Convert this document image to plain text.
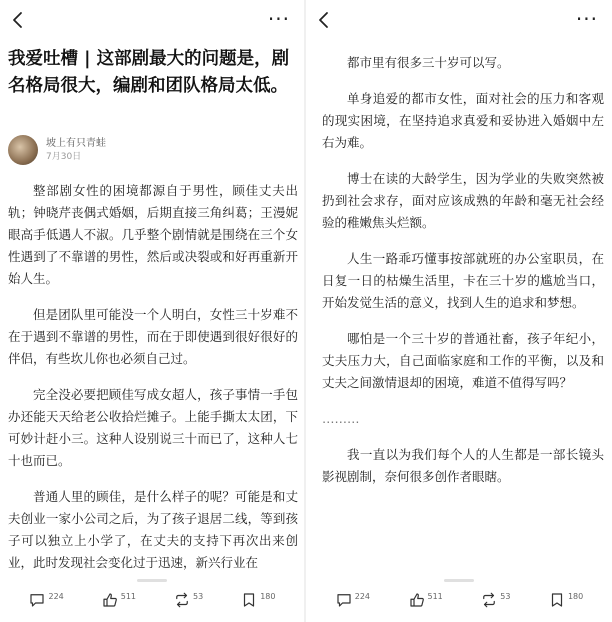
···
我爱吐槽 | 这部剧最大的问题是，剧名格局很大，编剧和团队格局太低。
坡上有只青蛙
7月30日

整部剧女性的困境都源自于男性，顾佳丈夫出轨；钟晓芹丧偶式婚姻，后期直接三角纠葛；王漫妮眼高手低遇人不淑。几乎整个剧情就是围绕在三个女性遇到了不靠谱的男性，然后或决裂或和好再重新开始人生。

但是团队里可能没一个人明白，女性三十岁难不在于遇到不靠谱的男性，而在于即使遇到很好很好的伴侣，有些坎儿你也必须自己过。

完全没必要把顾佳写成女超人，孩子事情一手包办还能天天给老公收拾烂摊子。上能手撕太太团，下可妙计赶小三。这种人设别说三十而已了，这种人七十也而已。

普通人里的顾佳，是什么样子的呢？可能是和丈夫创业一家小公司之后，为了孩子退居二线，等到孩子可以独立上小学了，在丈夫的支持下再次出来创业，此时发现社会变化过于迅速，新兴行业在

224	511	53	180
···

都市里有很多三十岁可以写。

单身追爱的都市女性，面对社会的压力和客观的现实困境，在坚持追求真爱和妥协进入婚姻中左右为难。

博士在读的大龄学生，因为学业的失败突然被扔到社会求存，面对应该成熟的年龄和毫无社会经验的稚嫩焦头烂额。

人生一路乖巧懂事按部就班的办公室职员，在日复一日的枯燥生活里，卡在三十岁的尴尬当口，开始发觉生活的意义，找到人生的追求和梦想。

哪怕是一个三十岁的普通社畜，孩子年纪小，丈夫压力大，自己面临家庭和工作的平衡，以及和丈夫之间激情退却的困境，难道不值得写吗？

………

我一直以为我们每个人的人生都是一部长镜头影视剧制，奈何很多创作者眼瞎。

224	511	53	180
